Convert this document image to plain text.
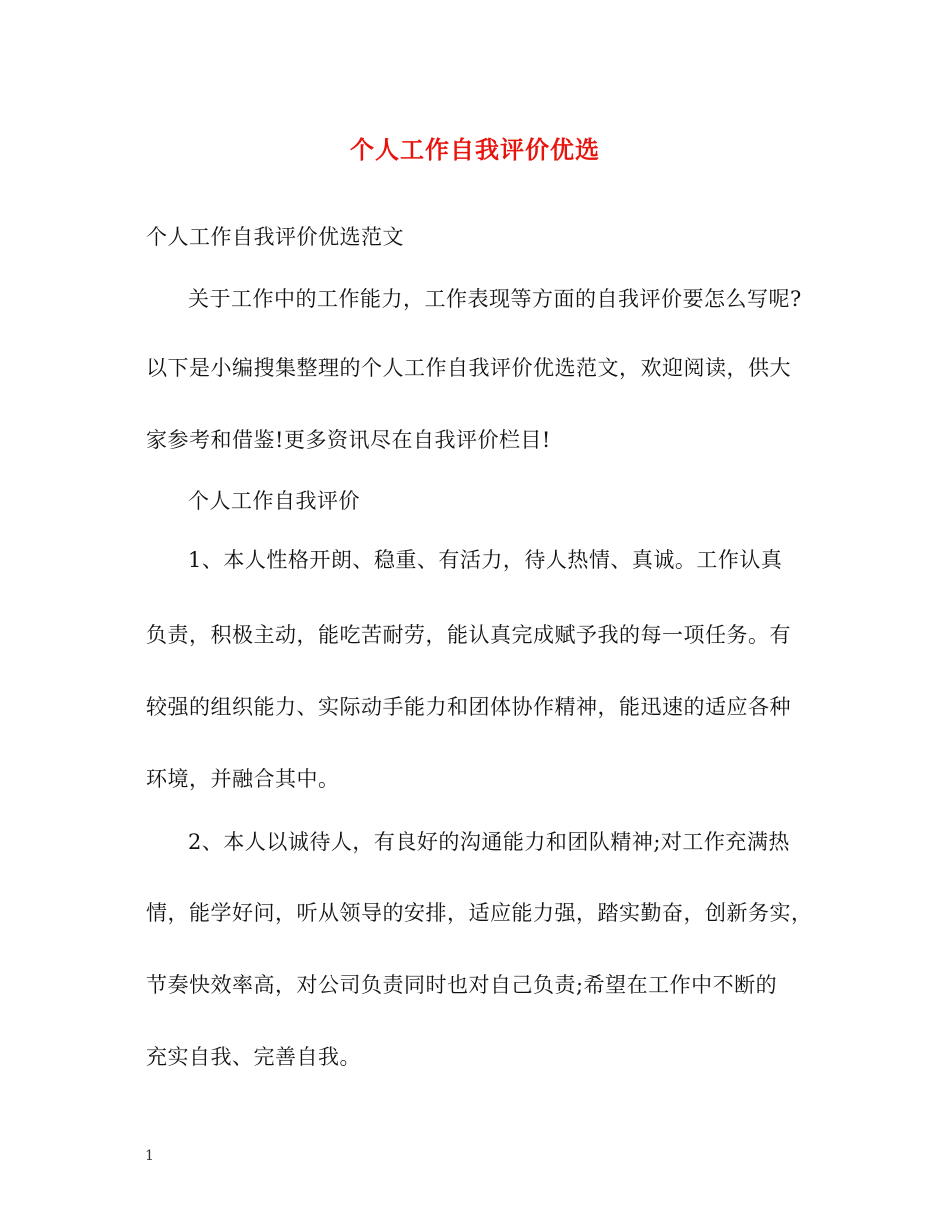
个人工作自我评价优选
个人工作自我评价优选范文
关于工作中的工作能力，工作表现等方面的自我评价要怎么写呢?
以下是小编搜集整理的个人工作自我评价优选范文，欢迎阅读，供大
家参考和借鉴!更多资讯尽在自我评价栏目!
个人工作自我评价
1、本人性格开朗、稳重、有活力，待人热情、真诚。工作认真
负责，积极主动，能吃苦耐劳，能认真完成赋予我的每一项任务。有
较强的组织能力、实际动手能力和团体协作精神，能迅速的适应各种
环境，并融合其中。
2、本人以诚待人，有良好的沟通能力和团队精神;对工作充满热
情，能学好问，听从领导的安排，适应能力强，踏实勤奋，创新务实，
节奏快效率高，对公司负责同时也对自己负责;希望在工作中不断的
充实自我、完善自我。
1
